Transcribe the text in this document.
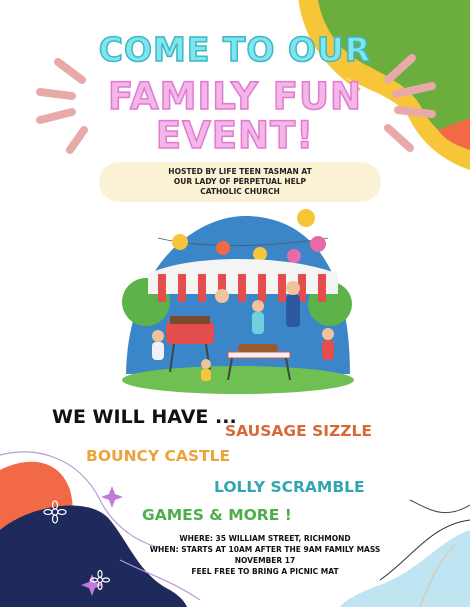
COME TO OUR
FAMILY FUN
EVENT!
HOSTED BY LIFE TEEN TASMAN AT
OUR LADY OF PERPETUAL HELP
CATHOLIC CHURCH
WE WILL HAVE ...
SAUSAGE SIZZLE
BOUNCY CASTLE
LOLLY SCRAMBLE
GAMES & MORE !
WHERE: 35 WILLIAM STREET, RICHMOND
WHEN: STARTS AT 10AM AFTER THE 9AM FAMILY MASS
NOVEMBER 17
FEEL FREE TO BRING A PICNIC MAT
